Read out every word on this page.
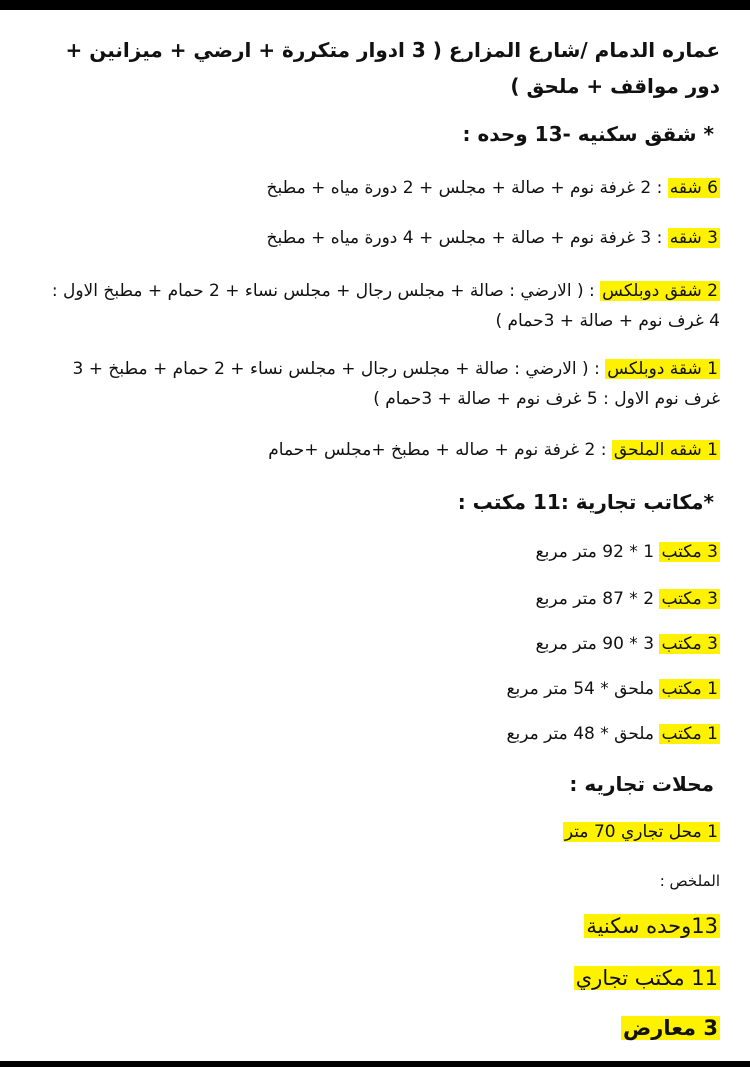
عماره الدمام /شارع المزارع ( 3 ادوار متكررة + ارضي + ميزانين + دور مواقف + ملحق )
* شقق سكنيه -13 وحده :
6 شقه : 2 غرفة نوم + صالة + مجلس + 2 دورة مياه + مطبخ
3 شقه : 3 غرفة نوم + صالة + مجلس + 4 دورة مياه + مطبخ
2 شقق دوبلكس : ( الارضي : صالة + مجلس رجال + مجلس نساء + 2 حمام + مطبخ الاول : 4 غرف نوم + صالة + 3حمام )
1 شقة دوبلكس : ( الارضي : صالة + مجلس رجال + مجلس نساء + 2 حمام + مطبخ + 3 غرف نوم الاول : 5 غرف نوم + صالة + 3حمام )
1 شقه الملحق : 2 غرفة نوم + صاله + مطبخ +مجلس +حمام
*مكاتب تجارية :11 مكتب :
3 مكتب 1 * 92 متر مربع
3 مكتب 2 * 87 متر مربع
3 مكتب 3 * 90 متر مربع
1 مكتب ملحق * 54 متر مربع
1 مكتب ملحق * 48 متر مربع
محلات تجاريه :
1 محل تجاري 70 متر
الملخص :
13وحده سكنية
11 مكتب تجاري
3 معارض
